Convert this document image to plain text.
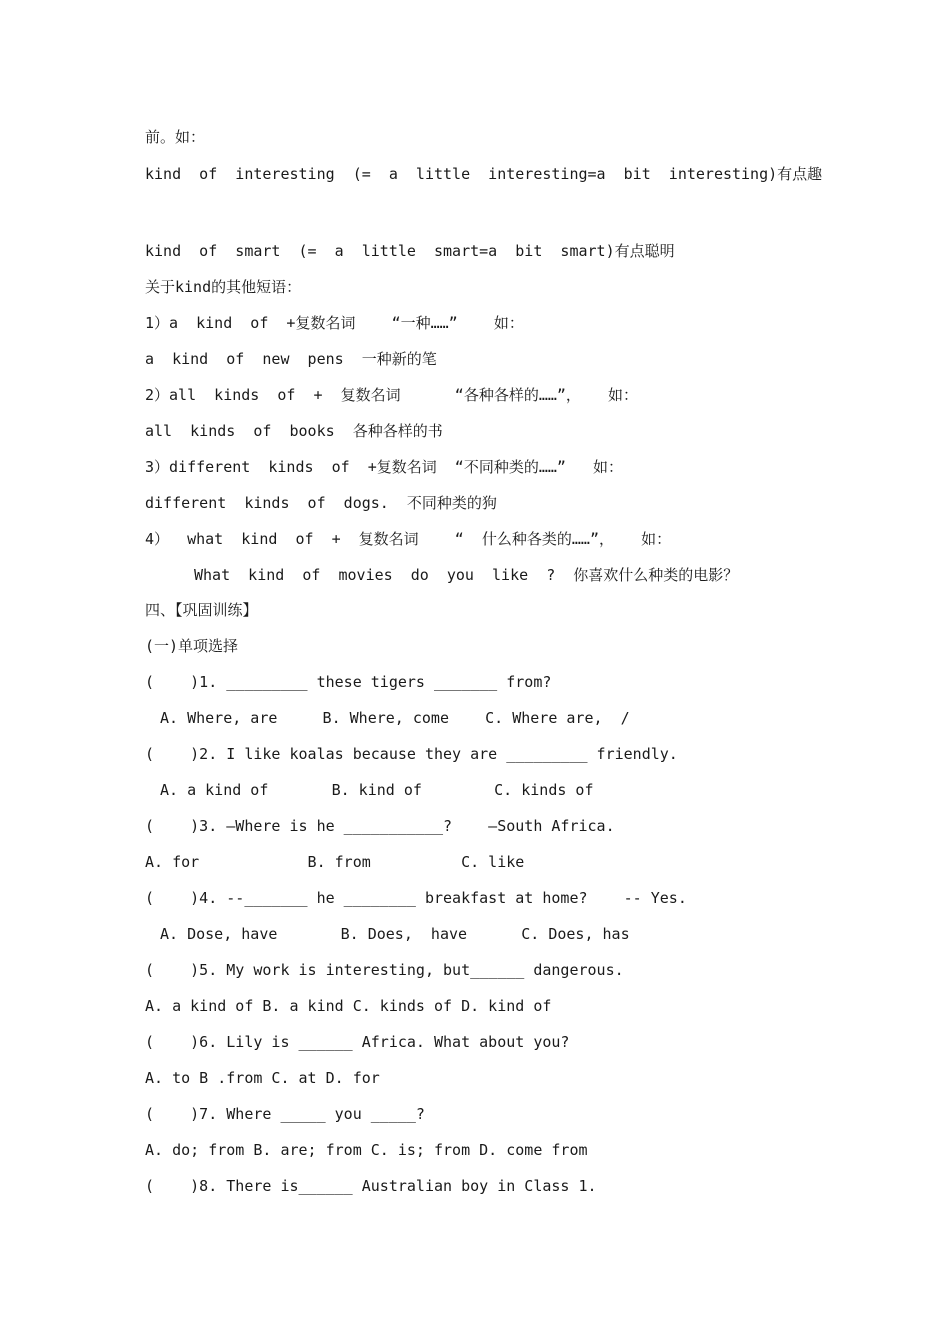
前。如：
kind  of  interesting  (=  a  little  interesting=a  bit  interesting)有点趣
kind  of  smart  (=  a  little  smart=a  bit  smart)有点聪明
关于kind的其他短语：
1）a  kind  of  +复数名词    “一种……”    如：
a  kind  of  new  pens  一种新的笔
2）all  kinds  of  +  复数名词      “各种各样的……”，   如：
all  kinds  of  books  各种各样的书
3）different  kinds  of  +复数名词  “不同种类的……”   如：
different  kinds  of  dogs.  不同种类的狗
4）  what  kind  of  +  复数名词    “  什么种各类的……”，   如：
What  kind  of  movies  do  you  like  ?  你喜欢什么种类的电影？
四、【巩固训练】
(一)单项选择
(    )1. _________ these tigers _______ from?
A. Where, are     B. Where, come    C. Where are,  /
(    )2. I like koalas because they are _________ friendly.
A. a kind of       B. kind of        C. kinds of
(    )3. —Where is he ___________?    —South Africa.
A. for            B. from          C. like
(    )4. --_______ he ________ breakfast at home?    -- Yes.
A. Dose, have       B. Does,  have      C. Does, has
(    )5. My work is interesting, but______ dangerous.
A. a kind of B. a kind C. kinds of D. kind of
(    )6. Lily is ______ Africa. What about you?
A. to B .from C. at D. for
(    )7. Where _____ you _____?
A. do; from B. are; from C. is; from D. come from
(    )8. There is______ Australian boy in Class 1.
